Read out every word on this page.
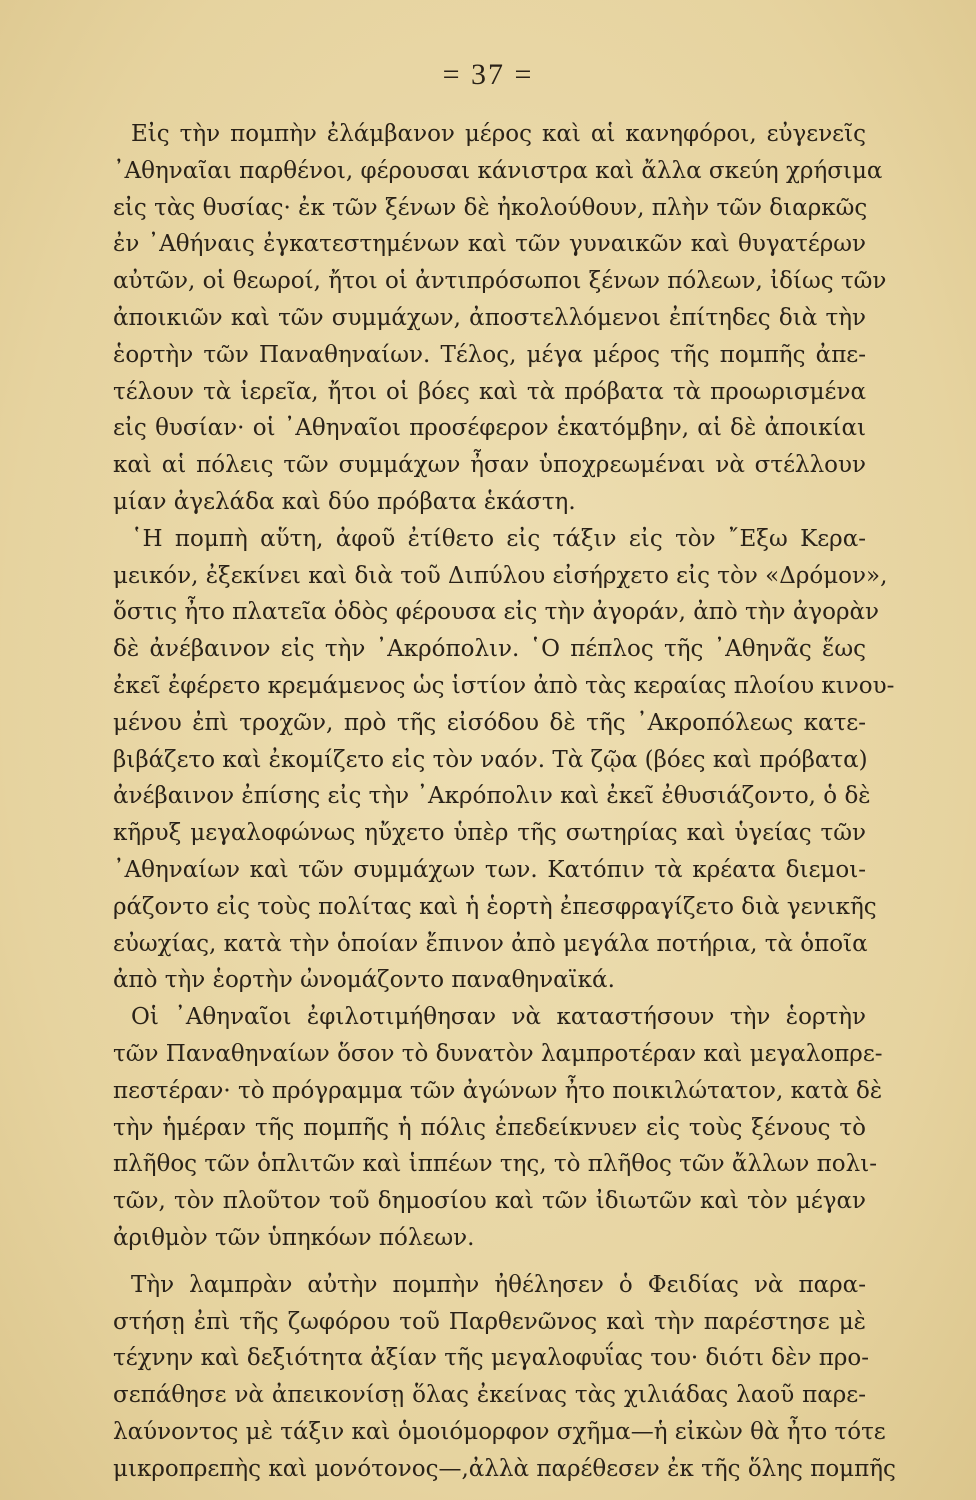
= 37 =
Εἰς τὴν πομπὴν ἐλάμβανον μέρος καὶ αἱ κανηφόροι, εὐγενεῖς
᾿Αθηναῖαι παρθένοι, φέρουσαι κάνιστρα καὶ ἄλλα σκεύη χρήσιμα
εἰς τὰς θυσίας· ἐκ τῶν ξένων δὲ ἠκολούθουν, πλὴν τῶν διαρκῶς
ἐν ᾿Αθήναις ἐγκατεστημένων καὶ τῶν γυναικῶν καὶ θυγατέρων
αὐτῶν, οἱ θεωροί, ἤτοι οἱ ἀντιπρόσωποι ξένων πόλεων, ἰδίως τῶν
ἀποικιῶν καὶ τῶν συμμάχων, ἀποστελλόμενοι ἐπίτηδες διὰ τὴν
ἑορτὴν τῶν Παναθηναίων. Τέλος, μέγα μέρος τῆς πομπῆς ἀπε-
τέλουν τὰ ἱερεῖα, ἤτοι οἱ βόες καὶ τὰ πρόβατα τὰ προωρισμένα
εἰς θυσίαν· οἱ ᾿Αθηναῖοι προσέφερον ἑκατόμβην, αἱ δὲ ἀποικίαι
καὶ αἱ πόλεις τῶν συμμάχων ἦσαν ὑποχρεωμέναι νὰ στέλλουν
μίαν ἀγελάδα καὶ δύο πρόβατα ἑκάστη.
῾Η πομπὴ αὕτη, ἀφοῦ ἐτίθετο εἰς τάξιν εἰς τὸν ῎Εξω Κερα-
μεικόν, ἐξεκίνει καὶ διὰ τοῦ Διπύλου εἰσήρχετο εἰς τὸν «Δρόμον»,
ὅστις ἦτο πλατεῖα ὁδὸς φέρουσα εἰς τὴν ἀγοράν, ἀπὸ τὴν ἀγορὰν
δὲ ἀνέβαινον εἰς τὴν ᾿Ακρόπολιν. ῾Ο πέπλος τῆς ᾿Αθηνᾶς ἕως
ἐκεῖ ἐφέρετο κρεμάμενος ὡς ἱστίον ἀπὸ τὰς κεραίας πλοίου κινου-
μένου ἐπὶ τροχῶν, πρὸ τῆς εἰσόδου δὲ τῆς ᾿Ακροπόλεως κατε-
βιβάζετο καὶ ἐκομίζετο εἰς τὸν ναόν. Τὰ ζῷα (βόες καὶ πρόβατα)
ἀνέβαινον ἐπίσης εἰς τὴν ᾿Ακρόπολιν καὶ ἐκεῖ ἐθυσιάζοντο, ὁ δὲ
κῆρυξ μεγαλοφώνως ηὔχετο ὑπὲρ τῆς σωτηρίας καὶ ὑγείας τῶν
᾿Αθηναίων καὶ τῶν συμμάχων των. Κατόπιν τὰ κρέατα διεμοι-
ράζοντο εἰς τοὺς πολίτας καὶ ἡ ἑορτὴ ἐπεσφραγίζετο διὰ γενικῆς
εὐωχίας, κατὰ τὴν ὁποίαν ἔπινον ἀπὸ μεγάλα ποτήρια, τὰ ὁποῖα
ἀπὸ τὴν ἑορτὴν ὠνομάζοντο παναθηναϊκά.
Οἱ ᾿Αθηναῖοι ἐφιλοτιμήθησαν νὰ καταστήσουν τὴν ἑορτὴν
τῶν Παναθηναίων ὅσον τὸ δυνατὸν λαμπροτέραν καὶ μεγαλοπρε-
πεστέραν· τὸ πρόγραμμα τῶν ἀγώνων ἦτο ποικιλώτατον, κατὰ δὲ
τὴν ἡμέραν τῆς πομπῆς ἡ πόλις ἐπεδείκνυεν εἰς τοὺς ξένους τὸ
πλῆθος τῶν ὁπλιτῶν καὶ ἱππέων της, τὸ πλῆθος τῶν ἄλλων πολι-
τῶν, τὸν πλοῦτον τοῦ δημοσίου καὶ τῶν ἰδιωτῶν καὶ τὸν μέγαν
ἀριθμὸν τῶν ὑπηκόων πόλεων.
Τὴν λαμπρὰν αὐτὴν πομπὴν ἠθέλησεν ὁ Φειδίας νὰ παρα-
στήσῃ ἐπὶ τῆς ζωφόρου τοῦ Παρθενῶνος καὶ τὴν παρέστησε μὲ
τέχνην καὶ δεξιότητα ἀξίαν τῆς μεγαλοφυΐας του· διότι δὲν προ-
σεπάθησε νὰ ἀπεικονίσῃ ὅλας ἐκείνας τὰς χιλιάδας λαοῦ παρε-
λαύνοντος μὲ τάξιν καὶ ὁμοιόμορφον σχῆμα—ἡ εἰκὼν θὰ ἦτο τότε
μικροπρεπὴς καὶ μονότονος—,ἀλλὰ παρέθεσεν ἐκ τῆς ὅλης πομπῆς
